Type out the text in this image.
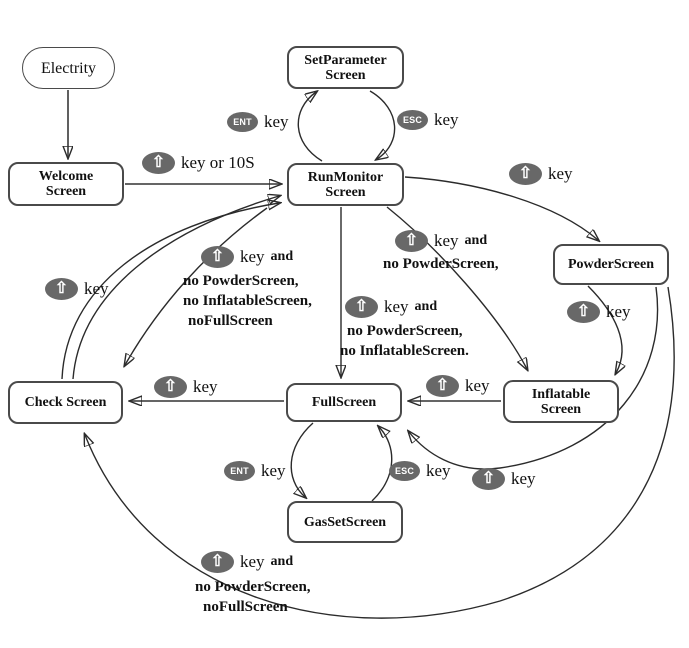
Electrity
Welcome
Screen
SetParameter
Screen
RunMonitor
Screen
PowderScreen
Check Screen	FullScreen
Inflatable
Screen
GasSetScreen
⇧ key or 10S
ENT key	ESC key
⇧ key
⇧ key
⇧ key
⇧ key
⇧ key
⇧ key and
no PowderScreen,
no InflatableScreen,
noFullScreen
⇧ key and
no PowderScreen,
⇧ key and
no PowderScreen,
no InflatableScreen.
ENT key	ESC key	⇧ key
⇧ key and
no PowderScreen,
noFullScreen
